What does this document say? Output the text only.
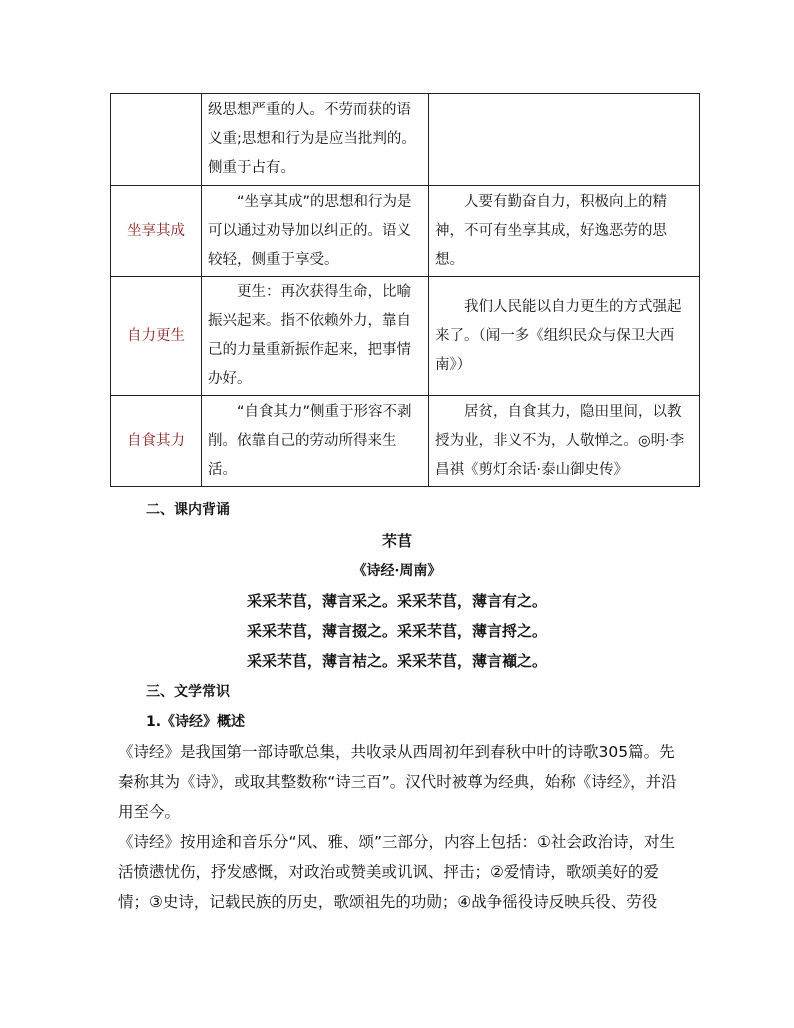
	级思想严重的人。不劳而获的语义重;思想和行为是应当批判的。侧重于占有。	
坐享其成	“坐享其成”的思想和行为是可以通过劝导加以纠正的。语义较轻，侧重于享受。	人要有勤奋自力，积极向上的精神，不可有坐享其成，好逸恶劳的思想。
自力更生	更生：再次获得生命，比喻振兴起来。指不依赖外力，靠自己的力量重新振作起来，把事情办好。	我们人民能以自力更生的方式强起来了。（闻一多《组织民众与保卫大西南》）
自食其力	“自食其力”侧重于形容不剥削。依靠自己的劳动所得来生活。	居贫，自食其力，隐田里间，以教授为业，非义不为，人敬惮之。◎明·李昌祺《剪灯余话·泰山御史传》
二、课内背诵
芣苢
《诗经·周南》
采采芣苢，薄言采之。采采芣苢，薄言有之。
采采芣苢，薄言掇之。采采芣苢，薄言捋之。
采采芣苢，薄言袺之。采采芣苢，薄言襭之。
三、文学常识
1.《诗经》概述

《诗经》是我国第一部诗歌总集，共收录从西周初年到春秋中叶的诗歌305篇。先秦称其为《诗》，或取其整数称“诗三百”。汉代时被尊为经典，始称《诗经》，并沿用至今。

《诗经》按用途和音乐分“风、雅、颂”三部分，内容上包括：①社会政治诗，对生活愤懑忧伤，抒发感慨，对政治或赞美或讥讽、抨击；②爱情诗，歌颂美好的爱情；③史诗，记载民族的历史，歌颂祖先的功勋；④战争徭役诗反映兵役、劳役
